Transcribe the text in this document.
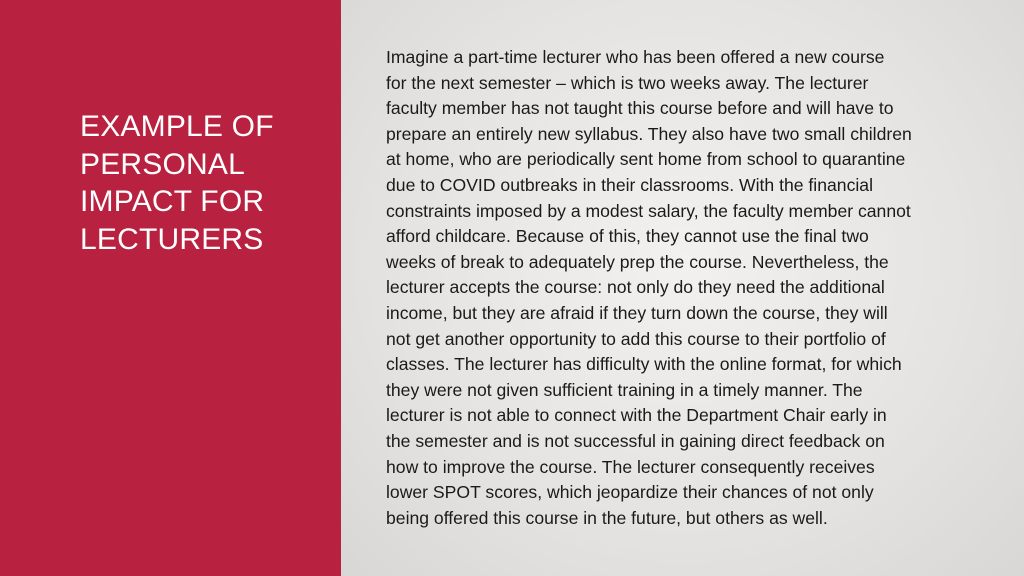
EXAMPLE OF
PERSONAL
IMPACT FOR
LECTURERS

Imagine a part-time lecturer who has been offered a new course
for the next semester – which is two weeks away. The lecturer
faculty member has not taught this course before and will have to
prepare an entirely new syllabus. They also have two small children
at home, who are periodically sent home from school to quarantine
due to COVID outbreaks in their classrooms. With the financial
constraints imposed by a modest salary, the faculty member cannot
afford childcare. Because of this, they cannot use the final two
weeks of break to adequately prep the course. Nevertheless, the
lecturer accepts the course: not only do they need the additional
income, but they are afraid if they turn down the course, they will
not get another opportunity to add this course to their portfolio of
classes. The lecturer has difficulty with the online format, for which
they were not given sufficient training in a timely manner. The
lecturer is not able to connect with the Department Chair early in
the semester and is not successful in gaining direct feedback on
how to improve the course. The lecturer consequently receives
lower SPOT scores, which jeopardize their chances of not only
being offered this course in the future, but others as well.
